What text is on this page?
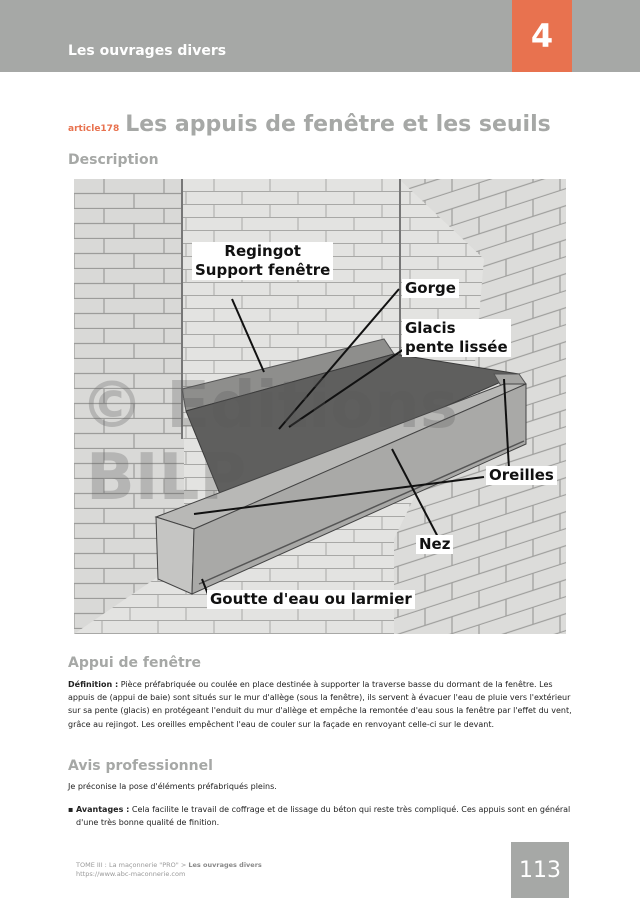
Les ouvrages divers	4
article178 Les appuis de fenêtre et les seuils
Description
© Editions
BILP
Regingot
Support fenêtre
Gorge
Glacis
pente lissée
Oreilles
Nez
Goutte d'eau ou larmier
Appui de fenêtre
Définition : Pièce préfabriquée ou coulée en place destinée à supporter la traverse basse du dormant de la fenêtre. Les appuis de (appui de baie) sont situés sur le mur d'allège (sous la fenêtre), ils servent à évacuer l'eau de pluie vers l'extérieur sur sa pente (glacis) en protégeant l'enduit du mur d'allège et empêche la remontée d'eau sous la fenêtre par l'effet du vent, grâce au rejingot. Les oreilles empêchent l'eau de couler sur la façade en renvoyant celle-ci sur le devant.
Avis professionnel
Je préconise la pose d'éléments préfabriqués pleins.
▪ Avantages : Cela facilite le travail de coffrage et de lissage du béton qui reste très compliqué. Ces appuis sont en général d'une très bonne qualité de finition.
TOME III : La maçonnerie "PRO" > Les ouvrages divers
https://www.abc-maconnerie.com	113
